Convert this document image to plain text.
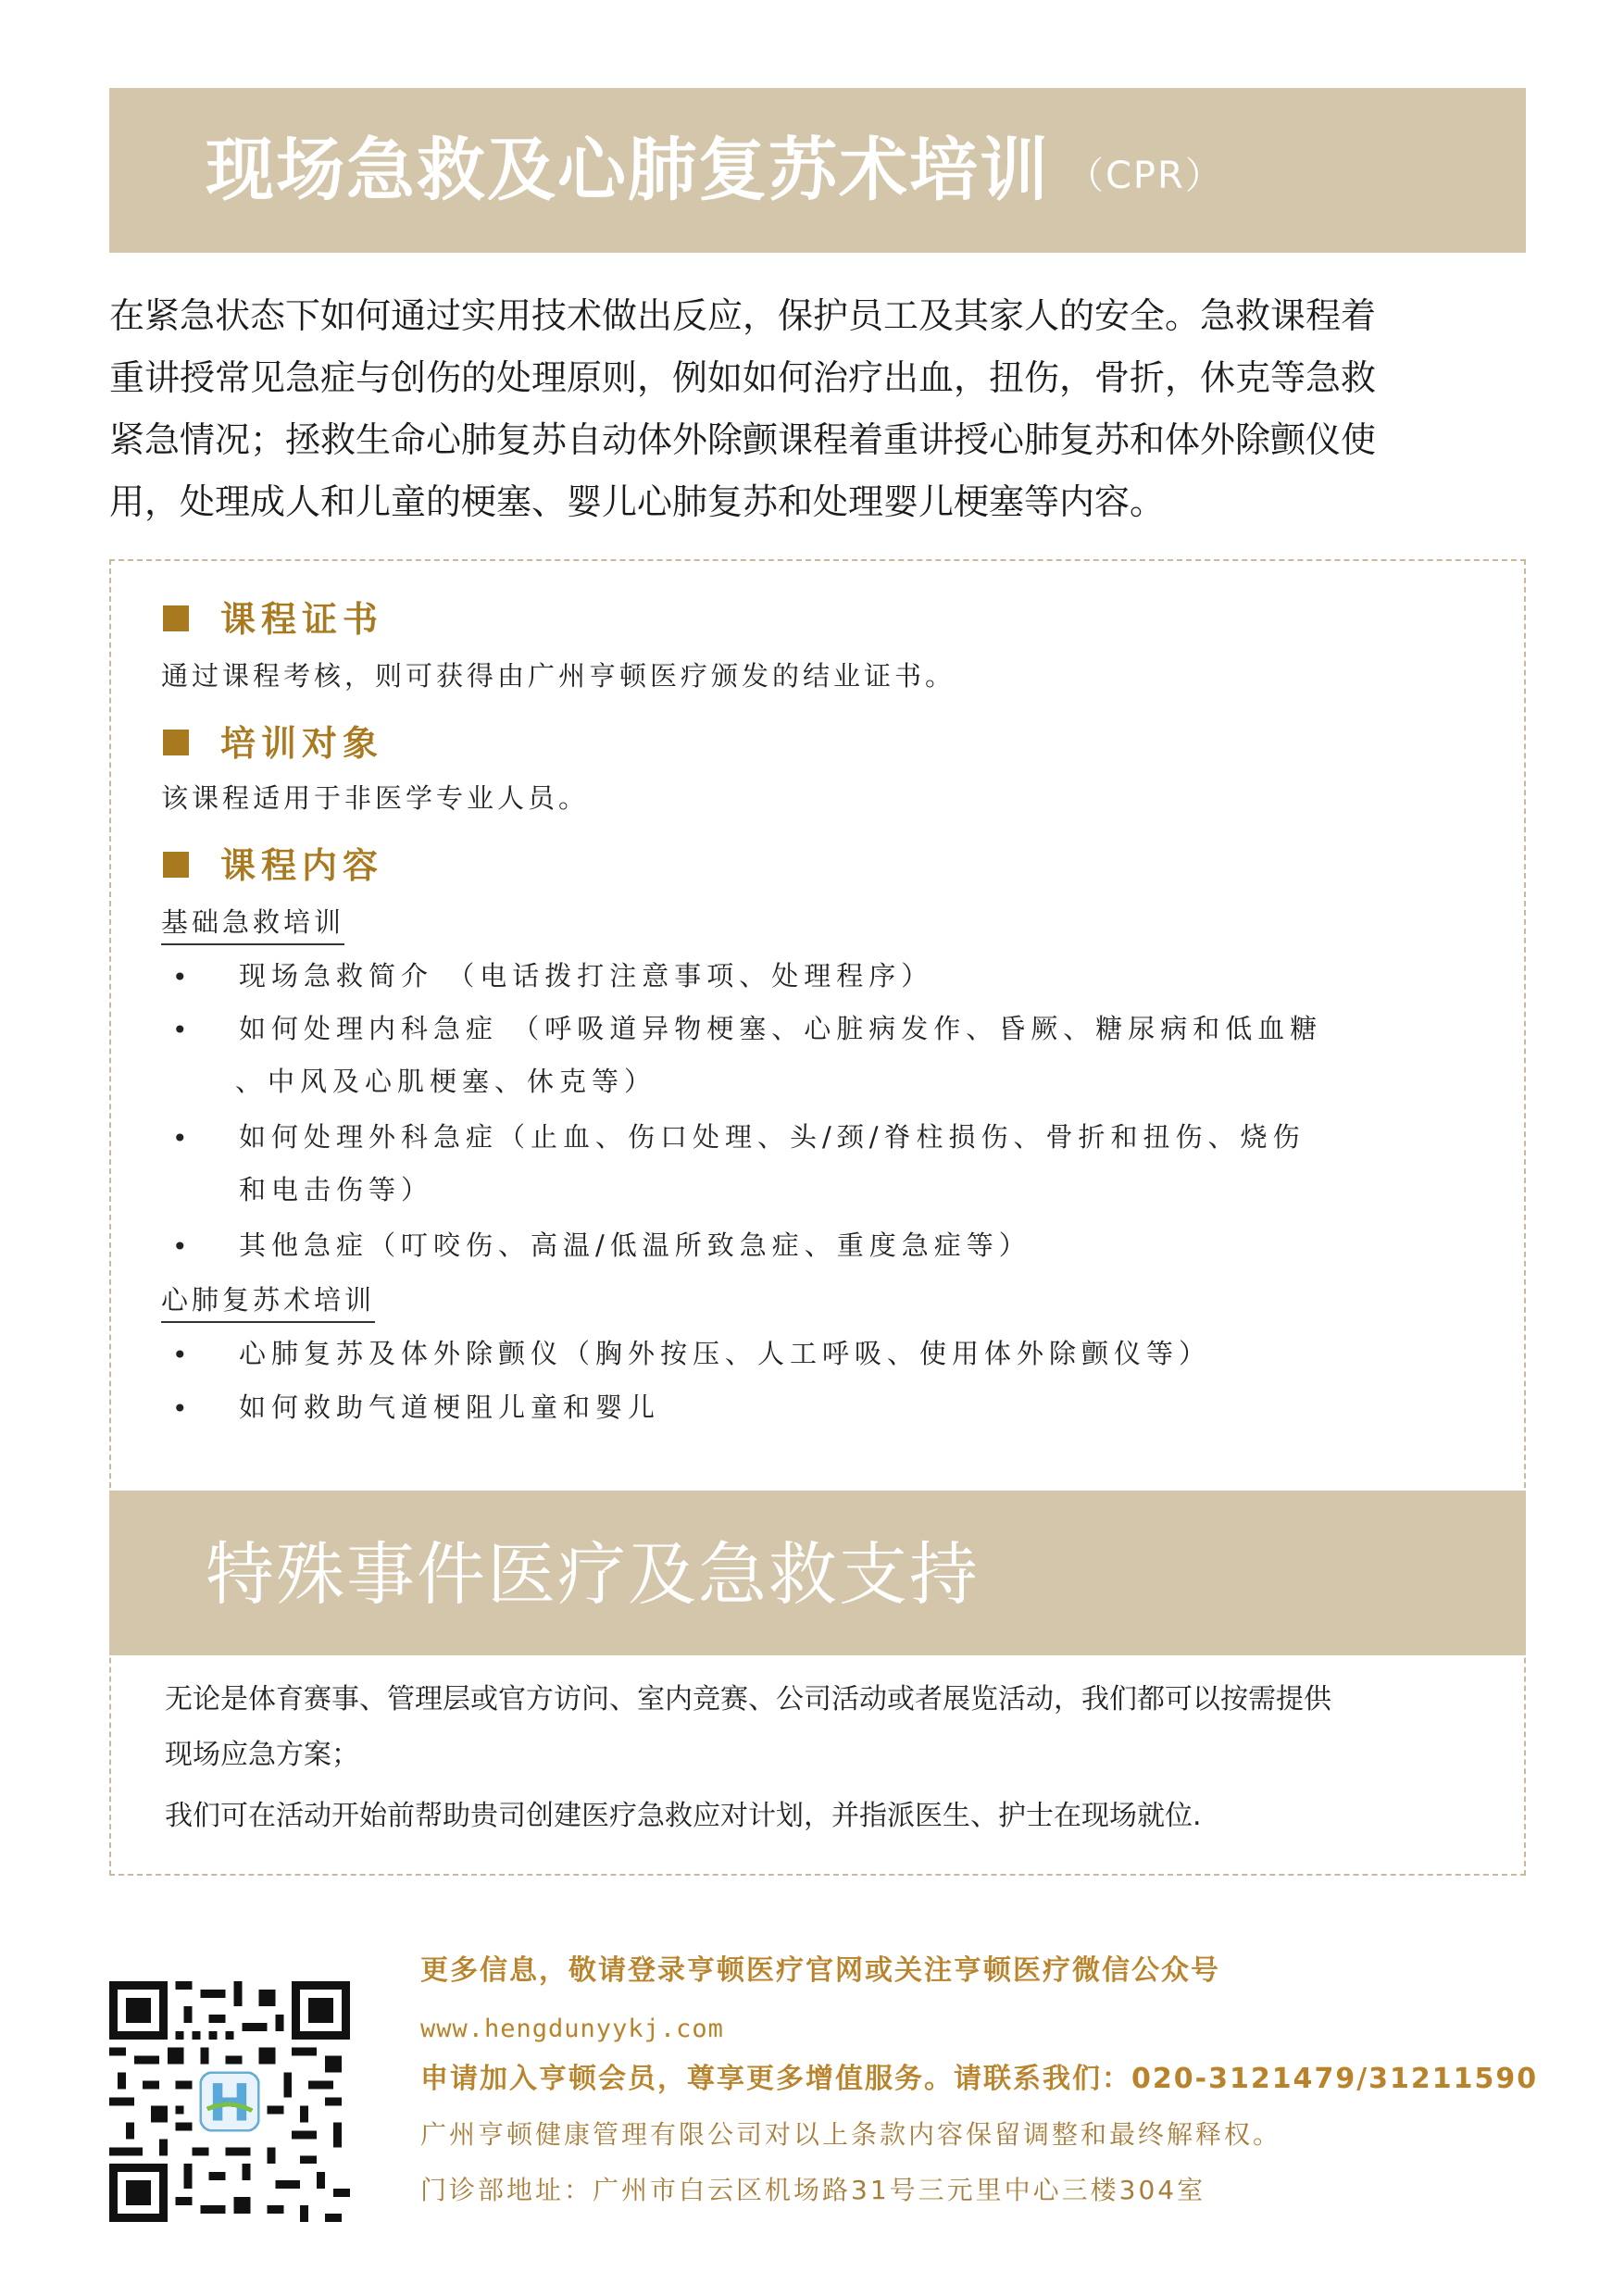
现场急救及心肺复苏术培训 （CPR）

在紧急状态下如何通过实用技术做出反应，保护员工及其家人的安全。急救课程着

重讲授常见急症与创伤的处理原则，例如如何治疗出血，扭伤，骨折，休克等急救

紧急情况；拯救生命心肺复苏自动体外除颤课程着重讲授心肺复苏和体外除颤仪使

用，处理成人和儿童的梗塞、婴儿心肺复苏和处理婴儿梗塞等内容。

课程证书
通过课程考核，则可获得由广州亨顿医疗颁发的结业证书。
培训对象
该课程适用于非医学专业人员。
课程内容
基础急救培训
• 现场急救简介 （电话拨打注意事项、处理程序）
• 如何处理内科急症 （呼吸道异物梗塞、心脏病发作、昏厥、糖尿病和低血糖
、中风及心肌梗塞、休克等）
• 如何处理外科急症（止血、伤口处理、头/颈/脊柱损伤、骨折和扭伤、烧伤
和电击伤等）
• 其他急症（叮咬伤、高温/低温所致急症、重度急症等）
心肺复苏术培训
• 心肺复苏及体外除颤仪（胸外按压、人工呼吸、使用体外除颤仪等）
• 如何救助气道梗阻儿童和婴儿

无论是体育赛事、管理层或官方访问、室内竞赛、公司活动或者展览活动，我们都可以按需提供

现场应急方案；

我们可在活动开始前帮助贵司创建医疗急救应对计划，并指派医生、护士在现场就位.

特殊事件医疗及急救支持
H
更多信息，敬请登录亨顿医疗官网或关注亨顿医疗微信公众号
www.hengdunyykj.com
申请加入亨顿会员，尊享更多增值服务。请联系我们：020-3121479/31211590
广州亨顿健康管理有限公司对以上条款内容保留调整和最终解释权。
门诊部地址：广州市白云区机场路31号三元里中心三楼304室
